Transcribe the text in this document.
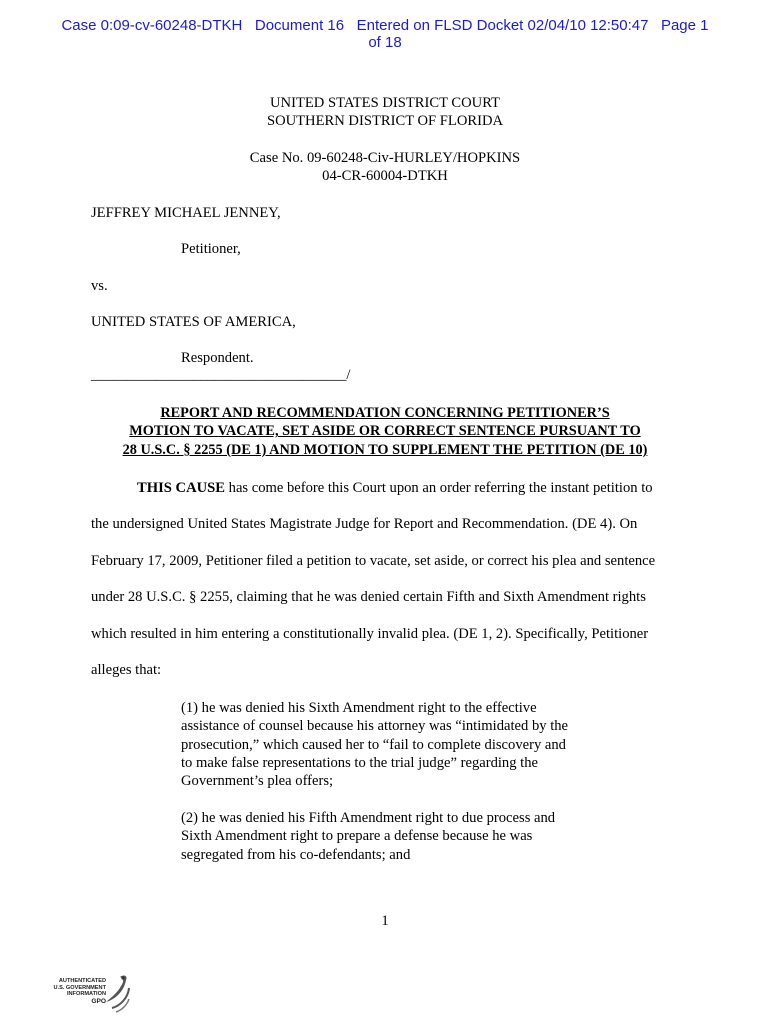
Case 0:09-cv-60248-DTKH   Document 16   Entered on FLSD Docket 02/04/10 12:50:47   Page 1
of 18
UNITED STATES DISTRICT COURT
SOUTHERN DISTRICT OF FLORIDA
Case No. 09-60248-Civ-HURLEY/HOPKINS
04-CR-60004-DTKH
JEFFREY MICHAEL JENNEY,
Petitioner,
vs.
UNITED STATES OF AMERICA,
Respondent.
___________________________________/
REPORT AND RECOMMENDATION CONCERNING PETITIONER’S
MOTION TO VACATE, SET ASIDE OR CORRECT SENTENCE PURSUANT TO
28 U.S.C. § 2255 (DE 1) AND MOTION TO SUPPLEMENT THE PETITION (DE 10)
THIS CAUSE has come before this Court upon an order referring the instant petition to
the undersigned United States Magistrate Judge for Report and Recommendation. (DE 4). On
February 17, 2009, Petitioner filed a petition to vacate, set aside, or correct his plea and sentence
under 28 U.S.C. § 2255, claiming that he was denied certain Fifth and Sixth Amendment rights
which resulted in him entering a constitutionally invalid plea. (DE 1, 2). Specifically, Petitioner
alleges that:

(1) he was denied his Sixth Amendment right to the effective

assistance of counsel because his attorney was “intimidated by the

prosecution,” which caused her to “fail to complete discovery and

to make false representations to the trial judge” regarding the

Government’s plea offers;

(2) he was denied his Fifth Amendment right to due process and

Sixth Amendment right to prepare a defense because he was

segregated from his co-defendants; and

1
AUTHENTICATED
U.S. GOVERNMENT
INFORMATION
GPO
